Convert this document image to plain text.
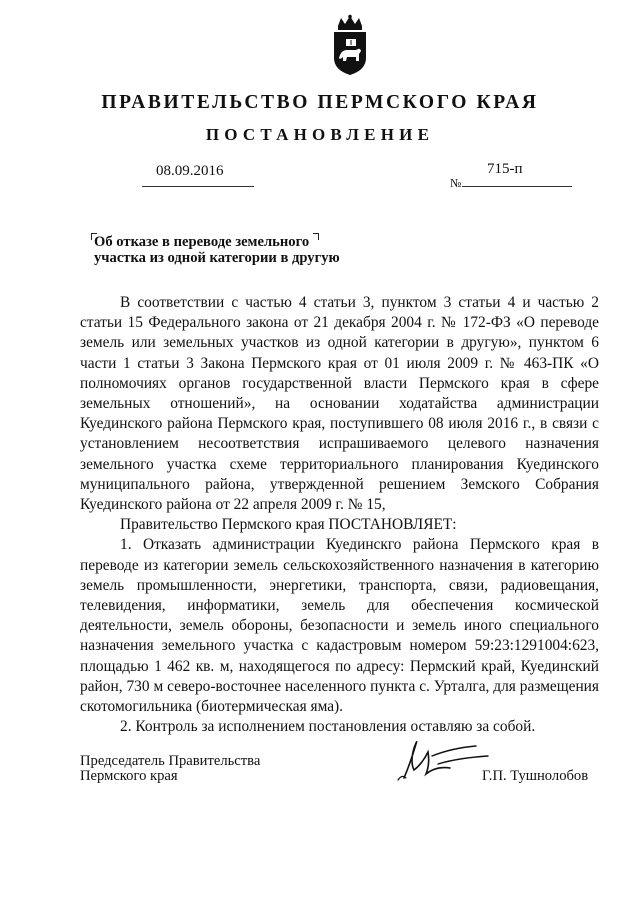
ПРАВИТЕЛЬСТВО ПЕРМСКОГО КРАЯ
ПОСТАНОВЛЕНИЕ
08.09.2016
№
715-п
Об отказе в переводе земельного
участка из одной категории в другую

В соответствии с частью 4 статьи 3, пунктом 3 статьи 4 и частью 2 статьи 15 Федерального закона от 21 декабря 2004 г. № 172-ФЗ «О переводе земель или земельных участков из одной категории в другую», пунктом 6 части 1 статьи 3 Закона Пермского края от 01 июля 2009 г. № 463-ПК «О полномочиях органов государственной власти Пермского края в сфере земельных отношений», на основании ходатайства администрации Куединского района Пермского края, поступившего 08 июля 2016 г., в связи с установлением несоответствия испрашиваемого целевого назначения земельного участка схеме территориального планирования Куединского муниципального района, утвержденной решением Земского Собрания Куединского района от 22 апреля 2009 г. № 15,

Правительство Пермского края ПОСТАНОВЛЯЕТ:

1. Отказать администрации Куединскго района Пермского края в переводе из категории земель сельскохозяйственного назначения в категорию земель промышленности, энергетики, транспорта, связи, радиовещания, телевидения, информатики, земель для обеспечения космической деятельности, земель обороны, безопасности и земель иного специального назначения земельного участка с кадастровым номером 59:23:1291004:623, площадью 1 462 кв. м, находящегося по адресу: Пермский край, Куединский район, 730 м северо-восточнее населенного пункта с. Урталга, для размещения скотомогильника (биотермическая яма).

2. Контроль за исполнением постановления оставляю за собой.

Председатель Правительства
Пермского края	Г.П. Тушнолобов
